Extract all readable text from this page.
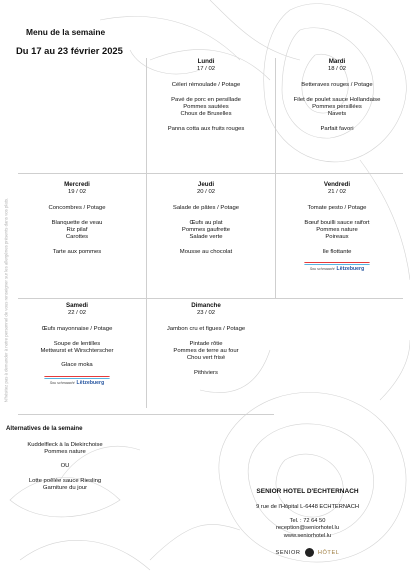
Menu de la semaine
Du 17 au 23 février 2025
N'hésitez pas à demander à notre personnel de vous renseigner sur les allergènes présents dans vos plats.
Lundi
17 / 02
Céleri rémoulade / Potage
Pavé de porc en persillade
Pommes sautées
Choux de Bruxelles
Panna cotta aux fruits rouges
Mardi
18 / 02
Betteraves rouges / Potage
Filet de poulet sauce Hollandaise
Pommes persillées
Navets
Parfait favori
Mercredi
19 / 02
Concombres / Potage
Blanquette de veau
Riz pilaf
Carottes
Tarte aux pommes
Jeudi
20 / 02
Salade de pâtes / Potage
Œufs au plat
Pommes gaufrette
Salade verte
Mousse au chocolat
Vendredi
21 / 02
Tomate pesto / Potage
Bœuf bouilli sauce raifort
Pommes nature
Poireaux
Ile flottante
Sou schmaacht Lëtzebuerg
Samedi
22 / 02
Œufs mayonnaise / Potage
Soupe de lentilles
Mettwurst et Wirschterscher
Glace moka
Sou schmaacht Lëtzebuerg
Dimanche
23 / 02
Jambon cru et figues / Potage
Pintade rôtie
Pommes de terre au four
Chou vert frisé
Pithiviers
Alternatives de la semaine
Kuddelfleck à la Diekirchoise
Pommes nature
OU
Lotte poêlée sauce Riesling
Garniture du jour	SENIOR HOTEL D'ECHTERNACH
9 rue de l'Hôpital L-6448 ECHTERNACH
Tel. : 72 64 50
reception@seniorhotel.lu
www.seniorhotel.lu
SENIOR	HÔTEL
